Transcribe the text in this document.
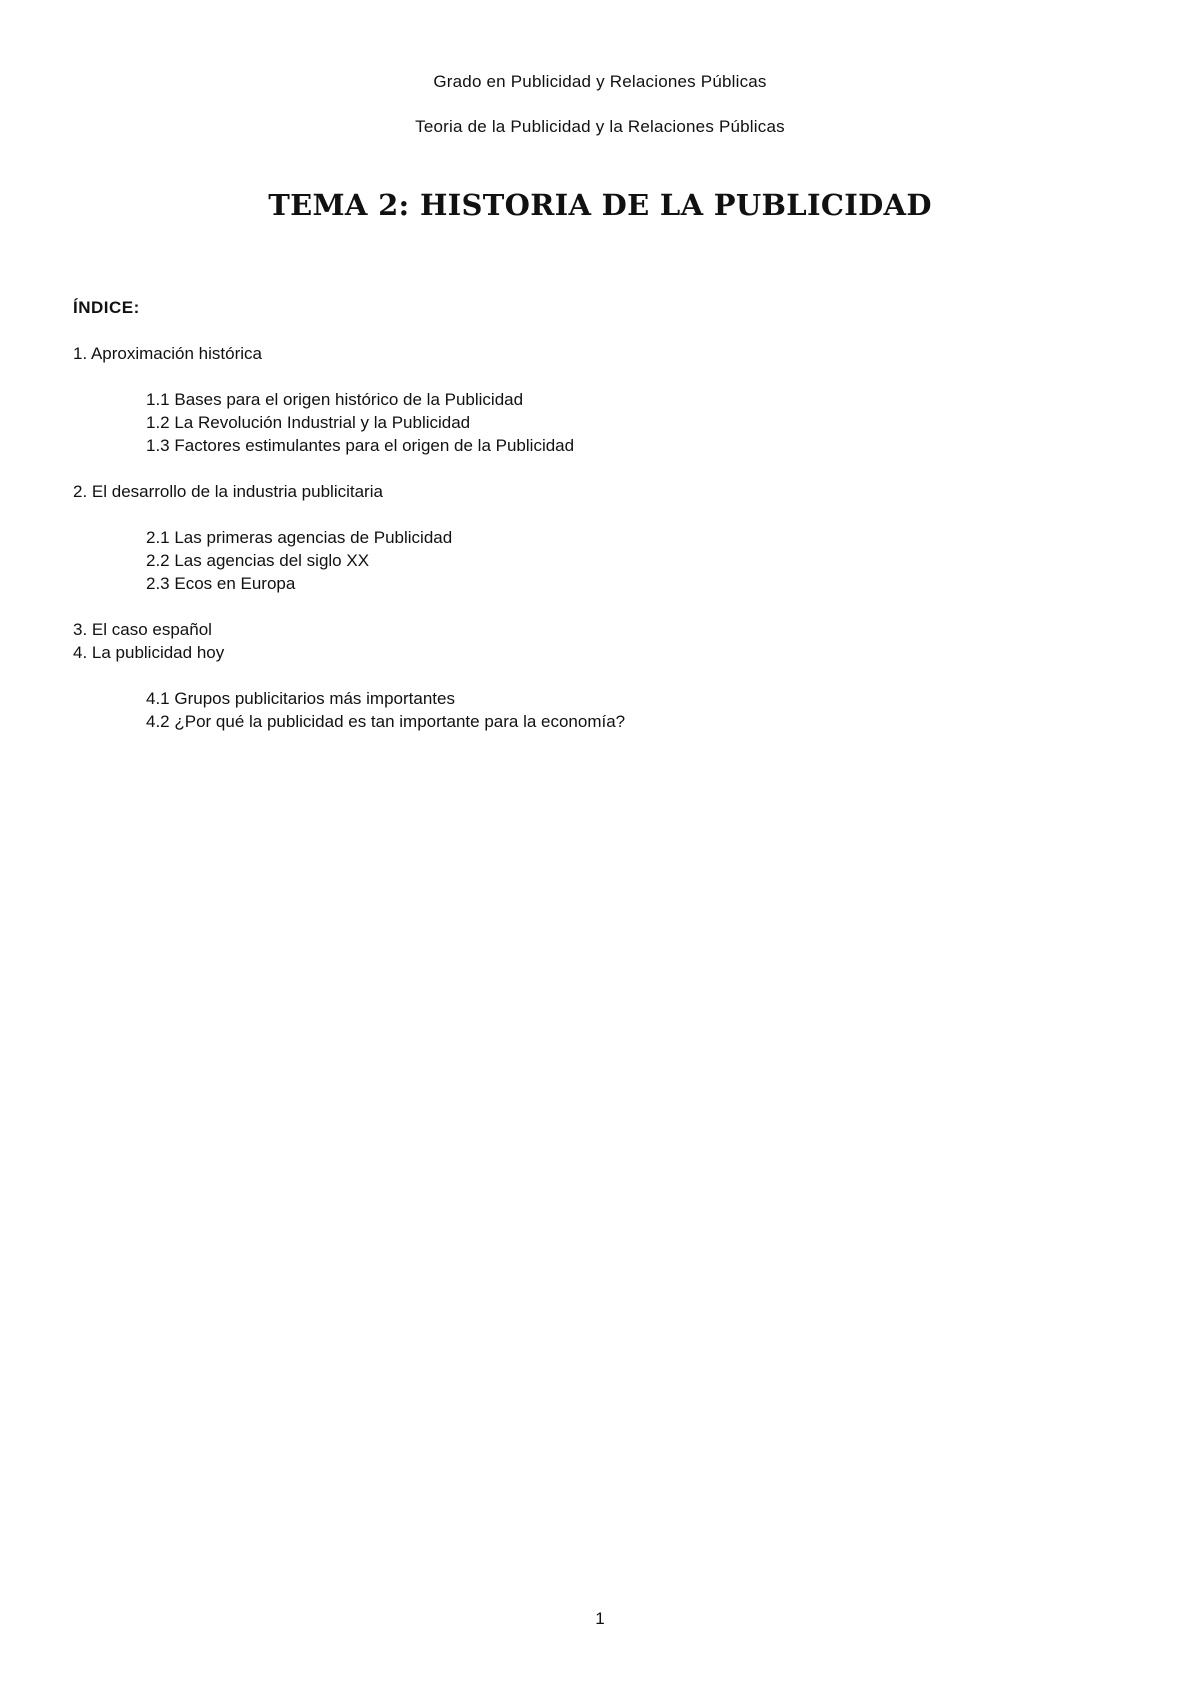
Grado en Publicidad y Relaciones Públicas
Teoria de la Publicidad y la Relaciones Públicas
TEMA 2: HISTORIA DE LA PUBLICIDAD

ÍNDICE:

1. Aproximación histórica

1.1 Bases para el origen histórico de la Publicidad

1.2 La Revolución Industrial y la Publicidad

1.3 Factores estimulantes para el origen de la Publicidad

2. El desarrollo de la industria publicitaria

2.1 Las primeras agencias de Publicidad

2.2 Las agencias del siglo XX

2.3 Ecos en Europa

3. El caso español

4. La publicidad hoy

4.1 Grupos publicitarios más importantes

4.2 ¿Por qué la publicidad es tan importante para la economía?

1
